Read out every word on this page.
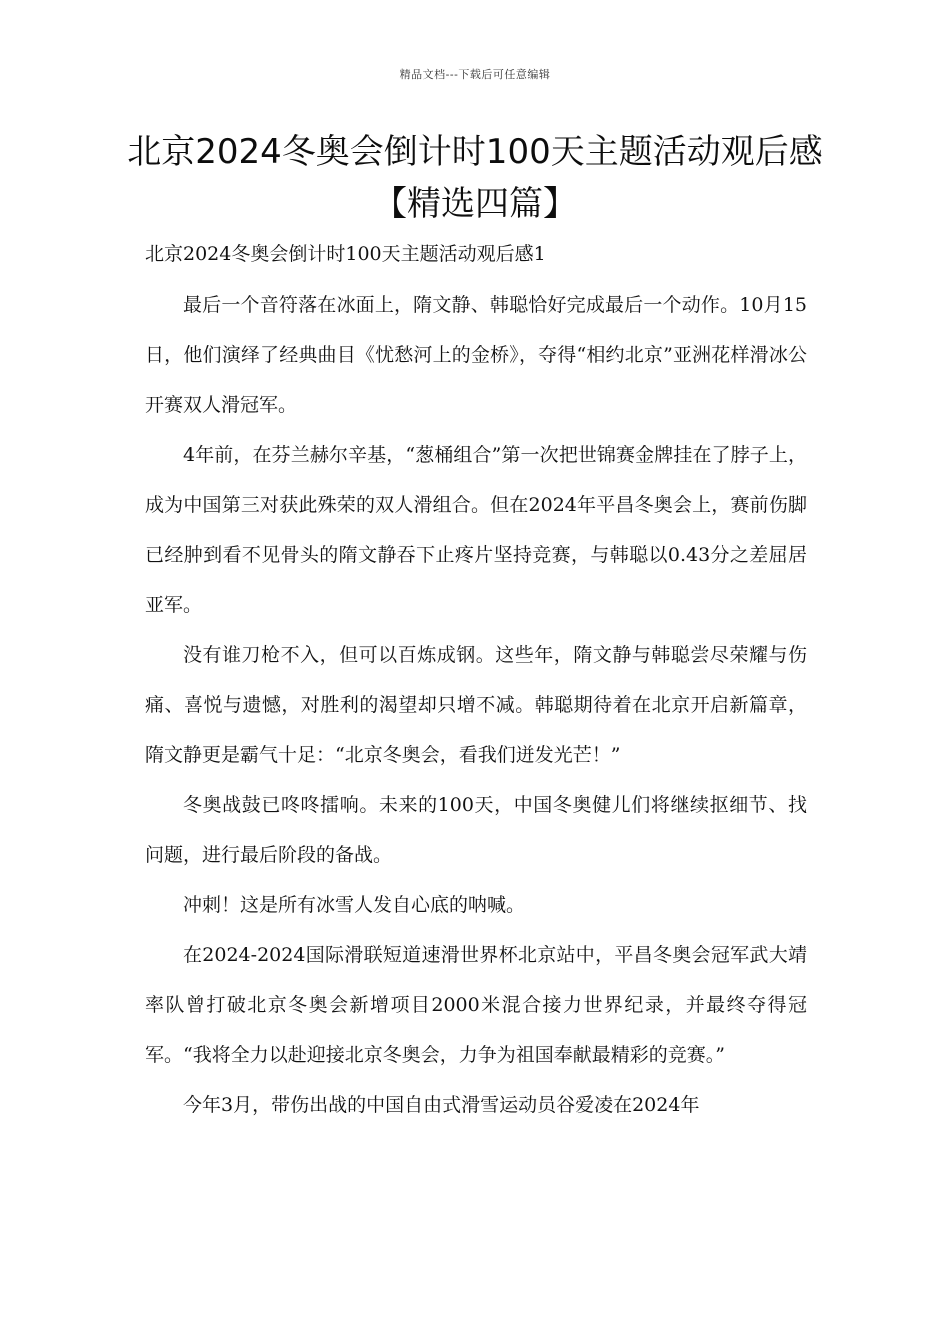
精品文档---下载后可任意编辑
北京2024冬奥会倒计时100天主题活动观后感【精选四篇】

北京2024冬奥会倒计时100天主题活动观后感1

最后一个音符落在冰面上，隋文静、韩聪恰好完成最后一个动作。10月15日，他们演绎了经典曲目《忧愁河上的金桥》，夺得“相约北京”亚洲花样滑冰公开赛双人滑冠军。

4年前，在芬兰赫尔辛基，“葱桶组合”第一次把世锦赛金牌挂在了脖子上，成为中国第三对获此殊荣的双人滑组合。但在2024年平昌冬奥会上，赛前伤脚已经肿到看不见骨头的隋文静吞下止疼片坚持竞赛，与韩聪以0.43分之差屈居亚军。

没有谁刀枪不入，但可以百炼成钢。这些年，隋文静与韩聪尝尽荣耀与伤痛、喜悦与遗憾，对胜利的渴望却只增不减。韩聪期待着在北京开启新篇章，隋文静更是霸气十足：“北京冬奥会，看我们迸发光芒！”

冬奥战鼓已咚咚擂响。未来的100天，中国冬奥健儿们将继续抠细节、找问题，进行最后阶段的备战。

冲刺！这是所有冰雪人发自心底的呐喊。

在2024-2024国际滑联短道速滑世界杯北京站中，平昌冬奥会冠军武大靖率队曾打破北京冬奥会新增项目2000米混合接力世界纪录，并最终夺得冠军。“我将全力以赴迎接北京冬奥会，力争为祖国奉献最精彩的竞赛。”

今年3月，带伤出战的中国自由式滑雪运动员谷爱凌在2024年
